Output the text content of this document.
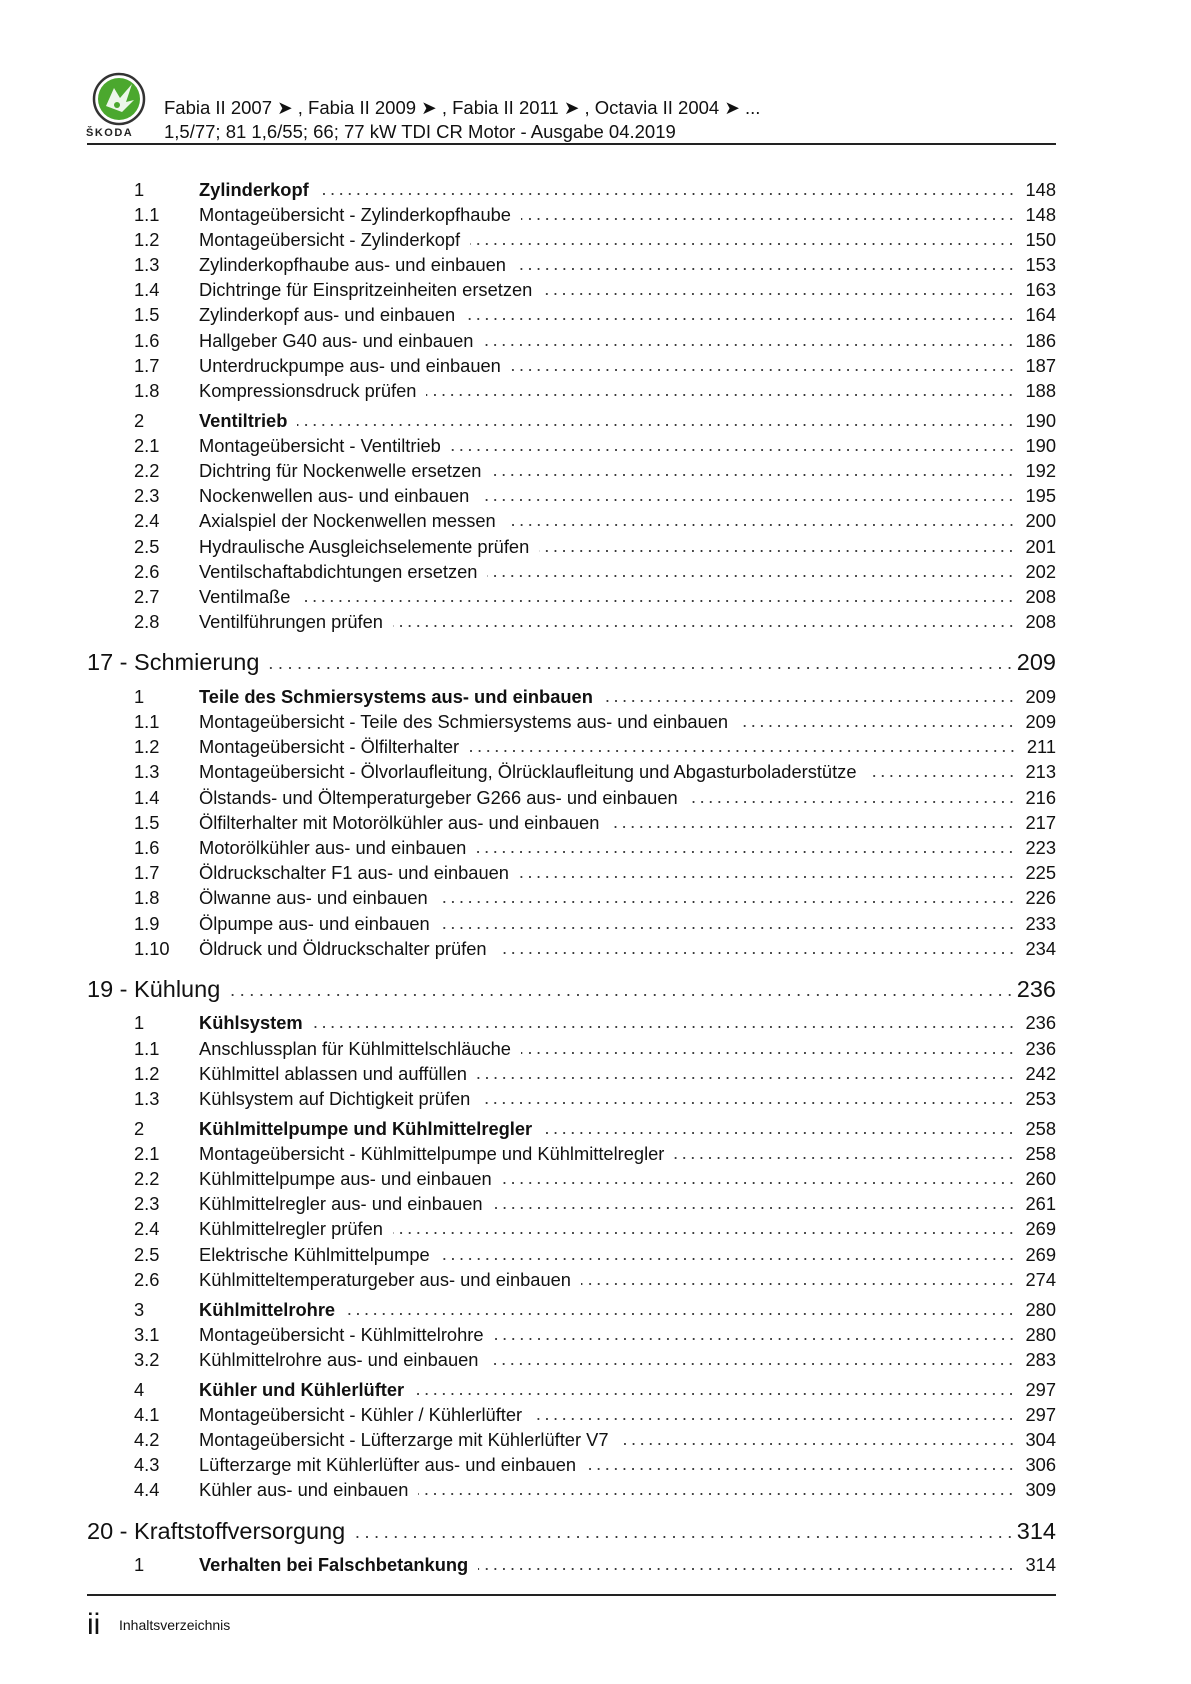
ŠKODA
Fabia II 2007 ➤ , Fabia II 2009 ➤ , Fabia II 2011 ➤ , Octavia II 2004 ➤ ...
1,5/77; 81 1,6/55; 66; 77 kW TDI CR Motor - Ausgabe 04.2019
1	Zylinderkopf	148
1.1	Montageübersicht - Zylinderkopfhaube	148
1.2	Montageübersicht - Zylinderkopf	150
1.3	Zylinderkopfhaube aus- und einbauen	153
1.4	Dichtringe für Einspritzeinheiten ersetzen	163
1.5	Zylinderkopf aus- und einbauen	164
1.6	Hallgeber G40 aus- und einbauen	186
1.7	Unterdruckpumpe aus- und einbauen	187
1.8	Kompressionsdruck prüfen	188
2	Ventiltrieb	190
2.1	Montageübersicht - Ventiltrieb	190
2.2	Dichtring für Nockenwelle ersetzen	192
2.3	Nockenwellen aus- und einbauen	195
2.4	Axialspiel der Nockenwellen messen	200
2.5	Hydraulische Ausgleichselemente prüfen	201
2.6	Ventilschaftabdichtungen ersetzen	202
2.7	Ventilmaße	208
2.8	Ventilführungen prüfen	208
17 - Schmierung	209
1	Teile des Schmiersystems aus- und einbauen	209
1.1	Montageübersicht - Teile des Schmiersystems aus- und einbauen	209
1.2	Montageübersicht - Ölfilterhalter	211
1.3	Montageübersicht - Ölvorlaufleitung, Ölrücklaufleitung und Abgasturboladerstütze	213
1.4	Ölstands- und Öltemperaturgeber G266 aus- und einbauen	216
1.5	Ölfilterhalter mit Motorölkühler aus- und einbauen	217
1.6	Motorölkühler aus- und einbauen	223
1.7	Öldruckschalter F1 aus- und einbauen	225
1.8	Ölwanne aus- und einbauen	226
1.9	Ölpumpe aus- und einbauen	233
1.10	Öldruck und Öldruckschalter prüfen	234
19 - Kühlung	236
1	Kühlsystem	236
1.1	Anschlussplan für Kühlmittelschläuche	236
1.2	Kühlmittel ablassen und auffüllen	242
1.3	Kühlsystem auf Dichtigkeit prüfen	253
2	Kühlmittelpumpe und Kühlmittelregler	258
2.1	Montageübersicht - Kühlmittelpumpe und Kühlmittelregler	258
2.2	Kühlmittelpumpe aus- und einbauen	260
2.3	Kühlmittelregler aus- und einbauen	261
2.4	Kühlmittelregler prüfen	269
2.5	Elektrische Kühlmittelpumpe	269
2.6	Kühlmitteltemperaturgeber aus- und einbauen	274
3	Kühlmittelrohre	280
3.1	Montageübersicht - Kühlmittelrohre	280
3.2	Kühlmittelrohre aus- und einbauen	283
4	Kühler und Kühlerlüfter	297
4.1	Montageübersicht - Kühler / Kühlerlüfter	297
4.2	Montageübersicht - Lüfterzarge mit Kühlerlüfter V7	304
4.3	Lüfterzarge mit Kühlerlüfter aus- und einbauen	306
4.4	Kühler aus- und einbauen	309
20 - Kraftstoffversorgung	314
1	Verhalten bei Falschbetankung	314
ii Inhaltsverzeichnis
